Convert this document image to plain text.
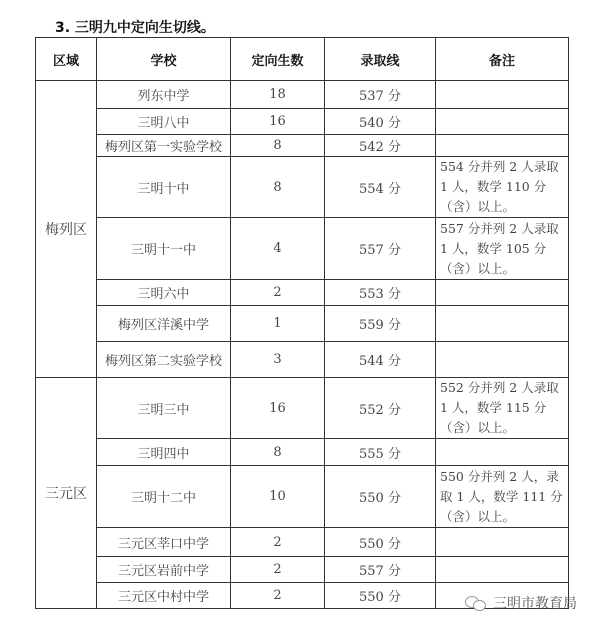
3. 三明九中定向生切线。
区域	学校	定向生数	录取线	备注
梅列区	列东中学	18	537 分	
	三明八中	16	540 分	
	梅列区第一实验学校	8	542 分	
	三明十中	8	554 分	554 分并列 2 人录取 1 人，数学 110 分（含）以上。
	三明十一中	4	557 分	557 分并列 2 人录取 1 人，数学 105 分（含）以上。
	三明六中	2	553 分	
	梅列区洋溪中学	1	559 分	
	梅列区第二实验学校	3	544 分	
三元区	三明三中	16	552 分	552 分并列 2 人录取 1 人，数学 115 分（含）以上。
	三明四中	8	555 分	
	三明十二中	10	550 分	550 分并列 2 人，录取 1 人，数学 111 分（含）以上。
	三元区莘口中学	2	550 分	
	三元区岩前中学	2	557 分	
	三元区中村中学	2	550 分		三明市教育局
